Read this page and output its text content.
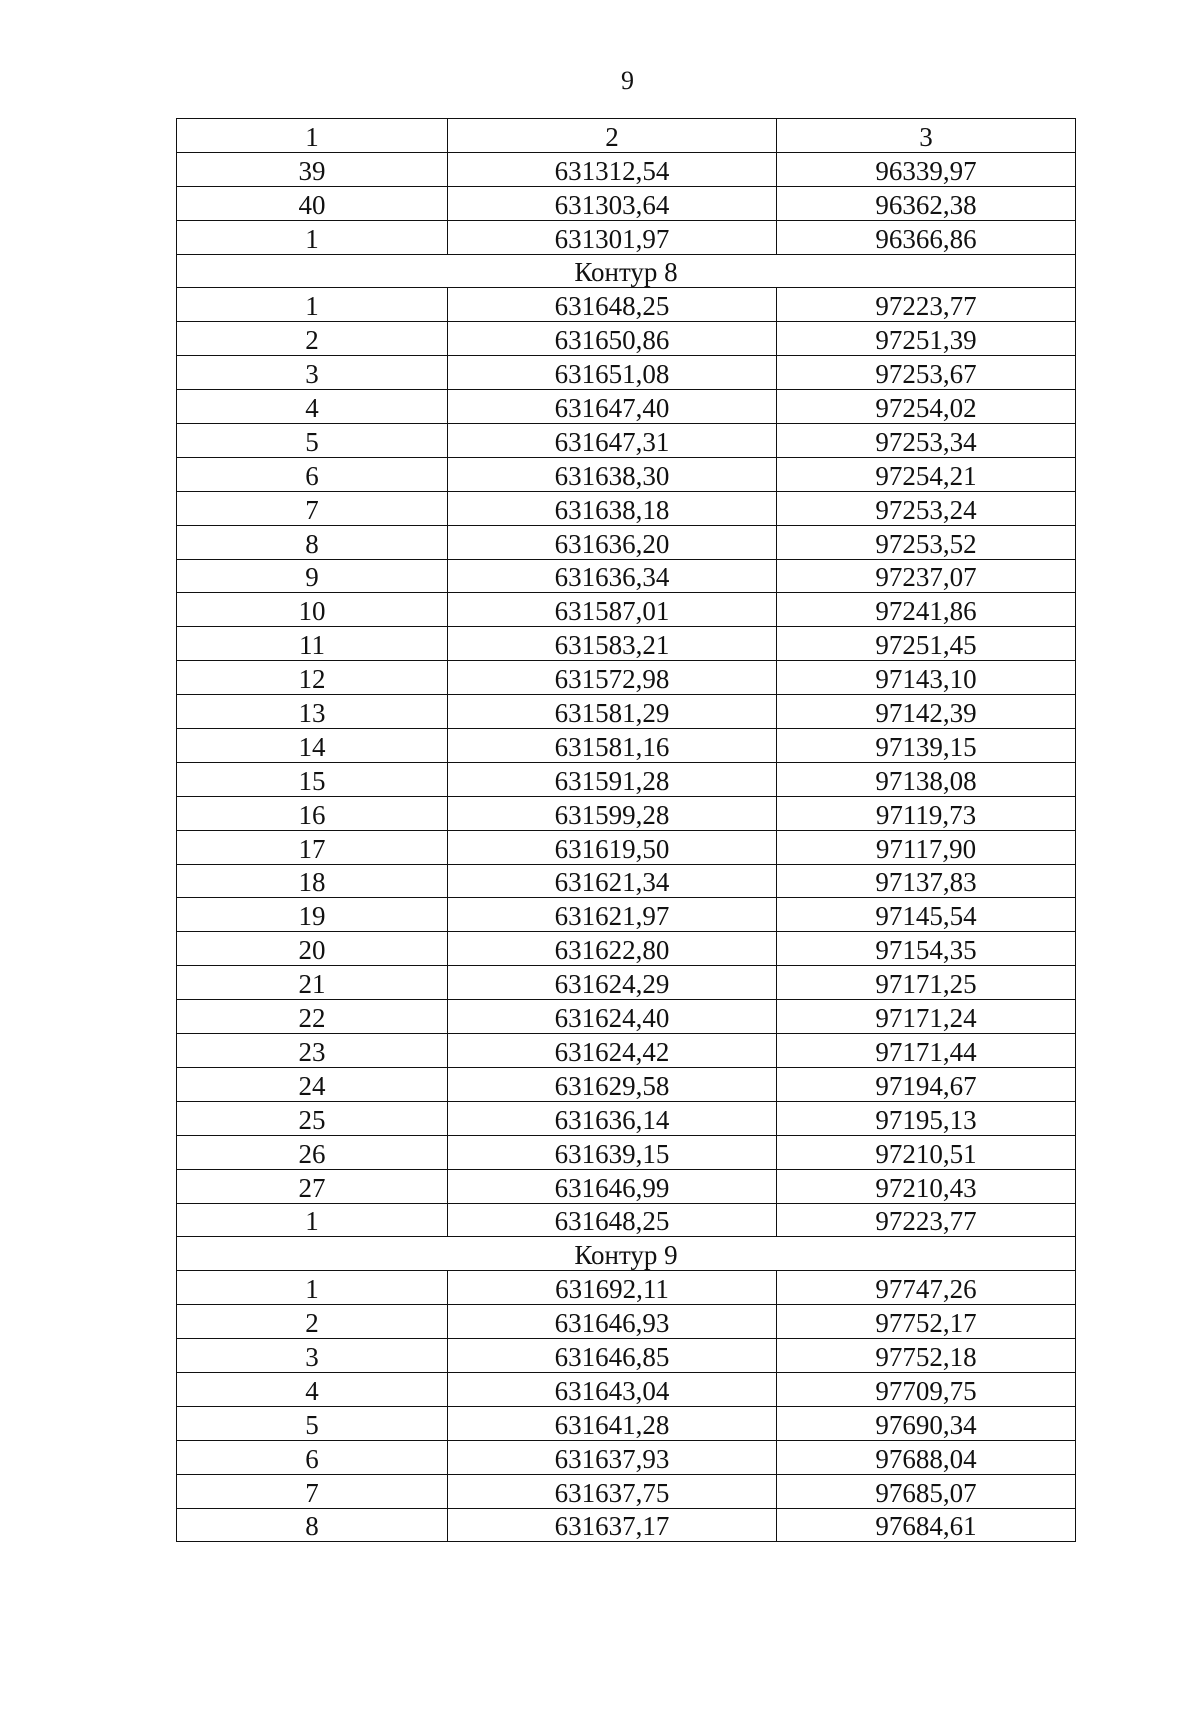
9
1	2	3
39	631312,54	96339,97
40	631303,64	96362,38
1	631301,97	96366,86
Контур 8		
1	631648,25	97223,77
2	631650,86	97251,39
3	631651,08	97253,67
4	631647,40	97254,02
5	631647,31	97253,34
6	631638,30	97254,21
7	631638,18	97253,24
8	631636,20	97253,52
9	631636,34	97237,07
10	631587,01	97241,86
11	631583,21	97251,45
12	631572,98	97143,10
13	631581,29	97142,39
14	631581,16	97139,15
15	631591,28	97138,08
16	631599,28	97119,73
17	631619,50	97117,90
18	631621,34	97137,83
19	631621,97	97145,54
20	631622,80	97154,35
21	631624,29	97171,25
22	631624,40	97171,24
23	631624,42	97171,44
24	631629,58	97194,67
25	631636,14	97195,13
26	631639,15	97210,51
27	631646,99	97210,43
1	631648,25	97223,77
Контур 9		
1	631692,11	97747,26
2	631646,93	97752,17
3	631646,85	97752,18
4	631643,04	97709,75
5	631641,28	97690,34
6	631637,93	97688,04
7	631637,75	97685,07
8	631637,17	97684,61
